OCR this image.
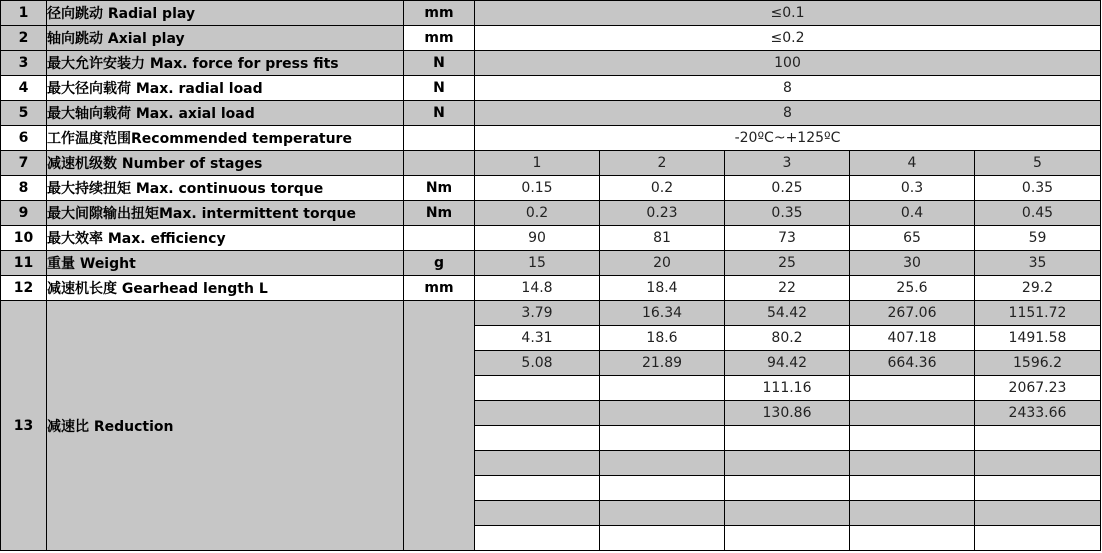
1	径向跳动 Radial play	mm	≤0.1				
2	轴向跳动 Axial play	mm	≤0.2				
3	最大允许安装力 Max. force for press fits	N	100				
4	最大径向载荷 Max. radial load	N	8				
5	最大轴向载荷 Max. axial load	N	8				
6	工作温度范围Recommended temperature		-20ºC~+125ºC				
7	减速机级数 Number of stages		1	2	3	4	5
8	最大持续扭矩 Max. continuous torque	Nm	0.15	0.2	0.25	0.3	0.35
9	最大间隙输出扭矩Max. intermittent torque	Nm	0.2	0.23	0.35	0.4	0.45
10	最大效率 Max. efficiency		90	81	73	65	59
11	重量 Weight	g	15	20	25	30	35
12	减速机长度 Gearhead length L	mm	14.8	18.4	22	25.6	29.2
13	减速比 Reduction		3.79	16.34	54.42	267.06	1151.72
			4.31	18.6	80.2	407.18	1491.58
			5.08	21.89	94.42	664.36	1596.2
					111.16		2067.23
					130.86		2433.66
